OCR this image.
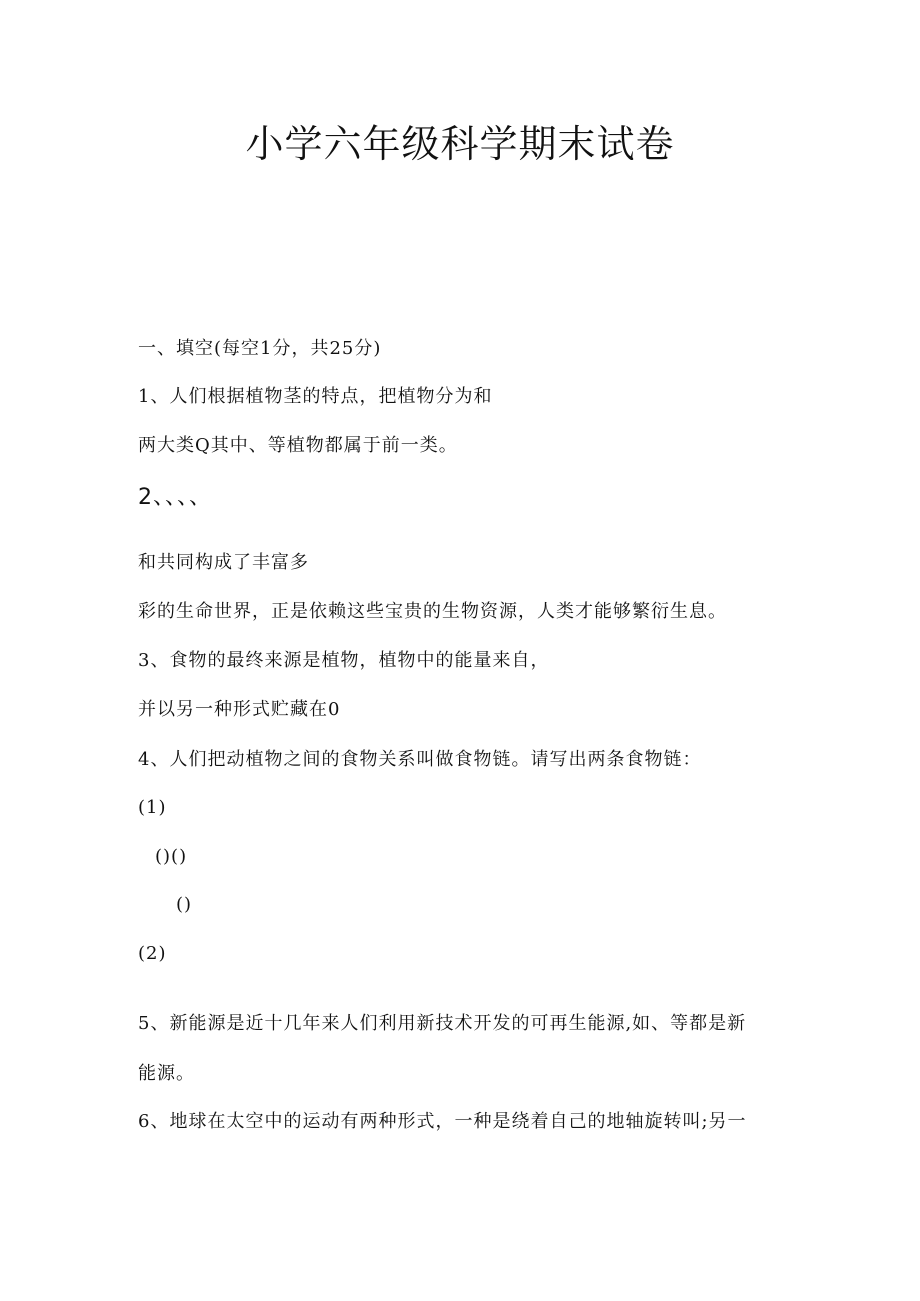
小学六年级科学期末试卷
一、填空(每空1分，共25分)
1、人们根据植物茎的特点，把植物分为和
两大类Q其中、等植物都属于前一类。
2、、、、
和共同构成了丰富多
彩的生命世界，正是依赖这些宝贵的生物资源，人类才能够繁衍生息。
3、食物的最终来源是植物，植物中的能量来自，
并以另一种形式贮藏在0
4、人们把动植物之间的食物关系叫做食物链。请写出两条食物链：
(1)
()()
()
(2)
5、新能源是近十几年来人们利用新技术开发的可再生能源,如、等都是新
能源。
6、地球在太空中的运动有两种形式，一种是绕着自己的地轴旋转叫;另一
